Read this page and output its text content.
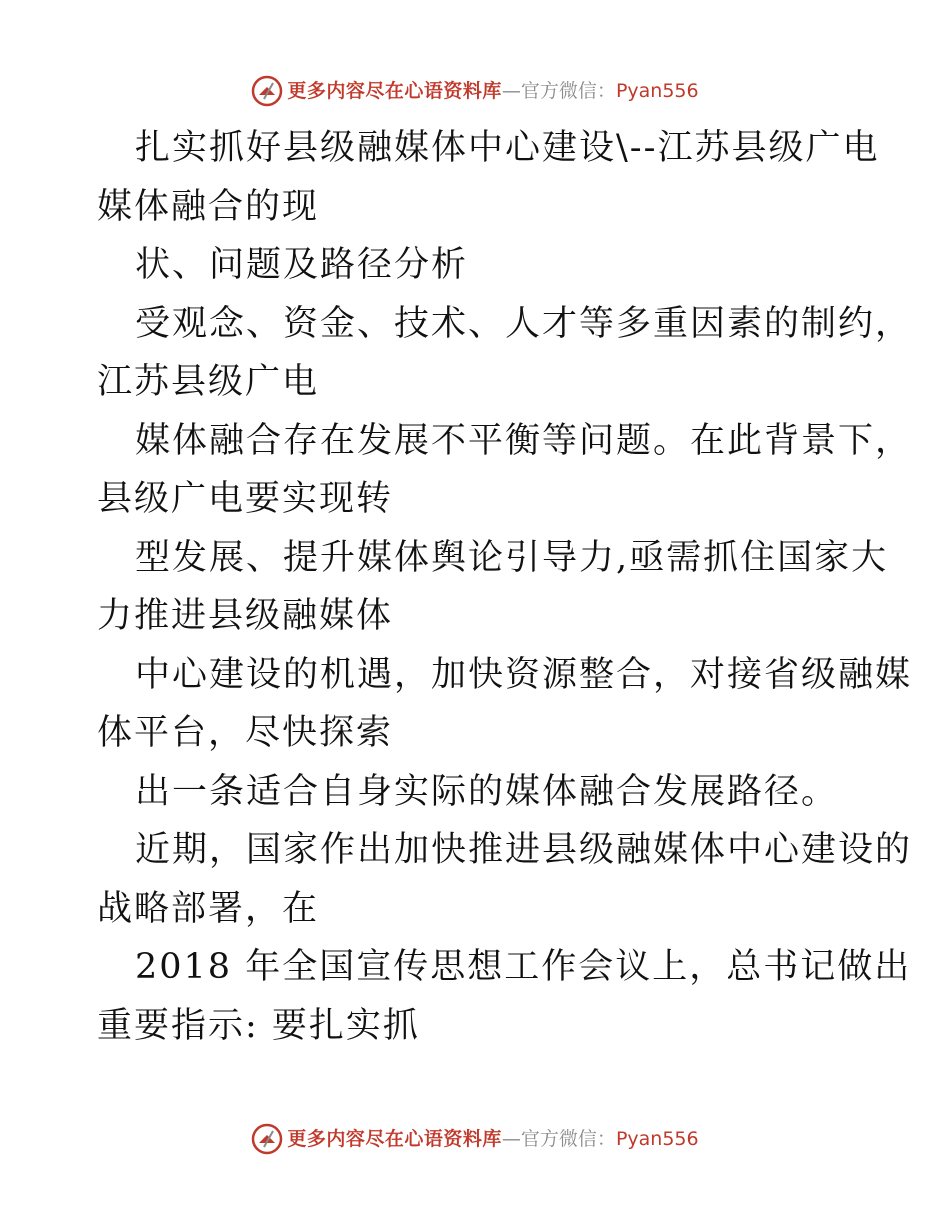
更多内容尽在心语资料库 — 官方微信： Pyan556
扎实抓好县级融媒体中心建设\--江苏县级广电
媒体融合的现
状、问题及路径分析
受观念、资金、技术、人才等多重因素的制约，
江苏县级广电
媒体融合存在发展不平衡等问题。在此背景下，
县级广电要实现转
型发展、提升媒体舆论引导力,亟需抓住国家大
力推进县级融媒体
中心建设的机遇，加快资源整合，对接省级融媒
体平台，尽快探索
出一条适合自身实际的媒体融合发展路径。
近期，国家作出加快推进县级融媒体中心建设的
战略部署，在
2018 年全国宣传思想工作会议上，总书记做出
重要指示: 要扎实抓
更多内容尽在心语资料库 — 官方微信： Pyan556
